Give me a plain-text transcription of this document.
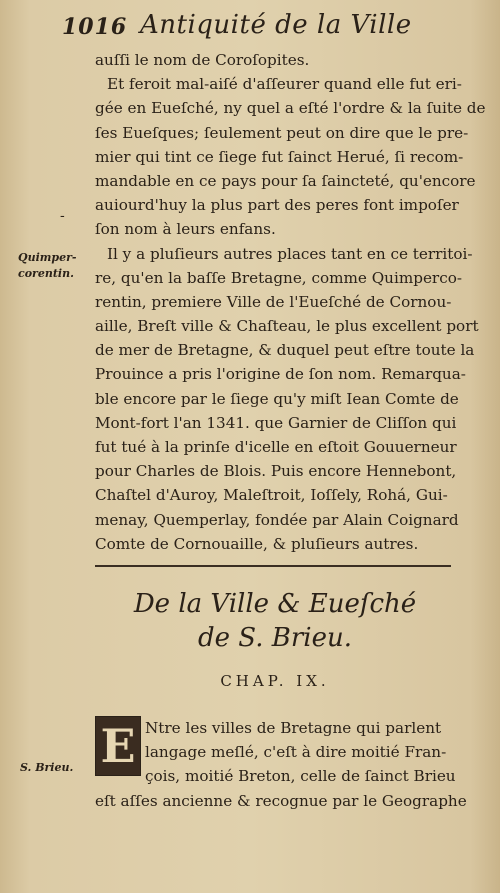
1016 Antiquité de la Ville
auſſi le nom de Coroſopites.
Et feroit mal-aiſé d'aſſeurer quand elle fut eri-
gée en Eueſché, ny quel a eſté l'ordre & la ſuite de
ſes Eueſques; ſeulement peut on dire que le pre-
mier qui tint ce ſiege fut ſainct Herué, ſi recom-
mandable en ce pays pour ſa ſaincteté, qu'encore
auiourd'huy la plus part des peres font impoſer
ſon nom à leurs enfans.
Il y a pluſieurs autres places tant en ce territoi-
re, qu'en la baſſe Bretagne, comme Quimperco-
rentin, premiere Ville de l'Eueſché de Cornou-
aille, Breſt ville & Chaſteau, le plus excellent port
de mer de Bretagne, & duquel peut eſtre toute la
Prouince a pris l'origine de ſon nom. Remarqua-
ble encore par le ſiege qu'y miſt Iean Comte de
Mont-fort l'an 1341. que Garnier de Cliſſon qui
fut tué à la prinſe d'icelle en eſtoit Gouuerneur
pour Charles de Blois. Puis encore Hennebont,
Chaſtel d'Auroy, Maleſtroit, Ioſſely, Rohá, Gui-
menay, Quemperlay, fondée par Alain Coignard
Comte de Cornouaille, & pluſieurs autres.
-
Quimper-corentin.
De la Ville & Eueſché
de S. Brieu.
CHAP. IX.
S. Brieu. E Ntre les villes de Bretagne qui parlent
langage meſlé, c'eſt à dire moitié Fran-
çois, moitié Breton, celle de ſainct Brieu
eſt aſſes ancienne & recognue par le Geographe
